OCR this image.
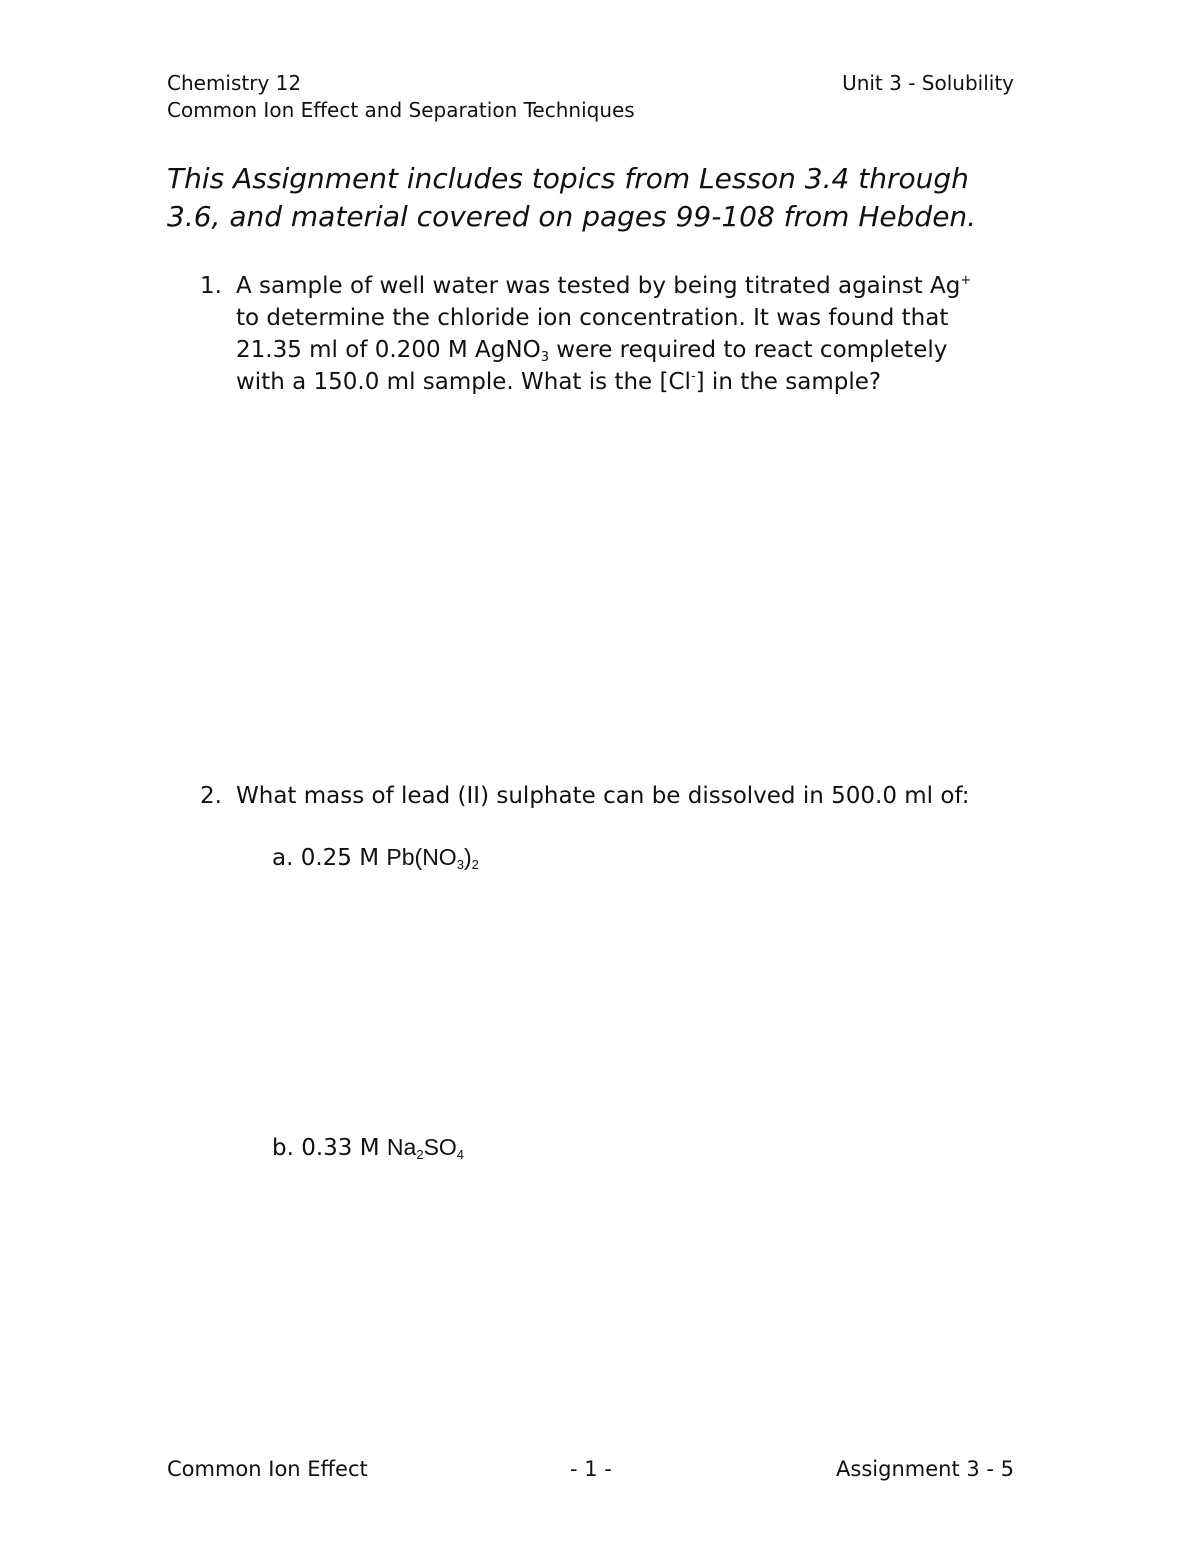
Chemistry 12
Common Ion Effect and Separation Techniques
Unit 3 - Solubility
This Assignment includes topics from Lesson 3.4 through
3.6, and material covered on pages 99-108 from Hebden.
1. A sample of well water was tested by being titrated against Ag+
to determine the chloride ion concentration. It was found that
21.35 ml of 0.200 M AgNO$_3$ were required to react completely
with a 150.0 ml sample. What is the [Cl-] in the sample?
2. What mass of lead (II) sulphate can be dissolved in 500.0 ml of:
a. 0.25 M $Pb(NO_3)_2$
b. 0.33 M $Na_2SO_4$
Common Ion Effect	- 1 -	Assignment 3 - 5
